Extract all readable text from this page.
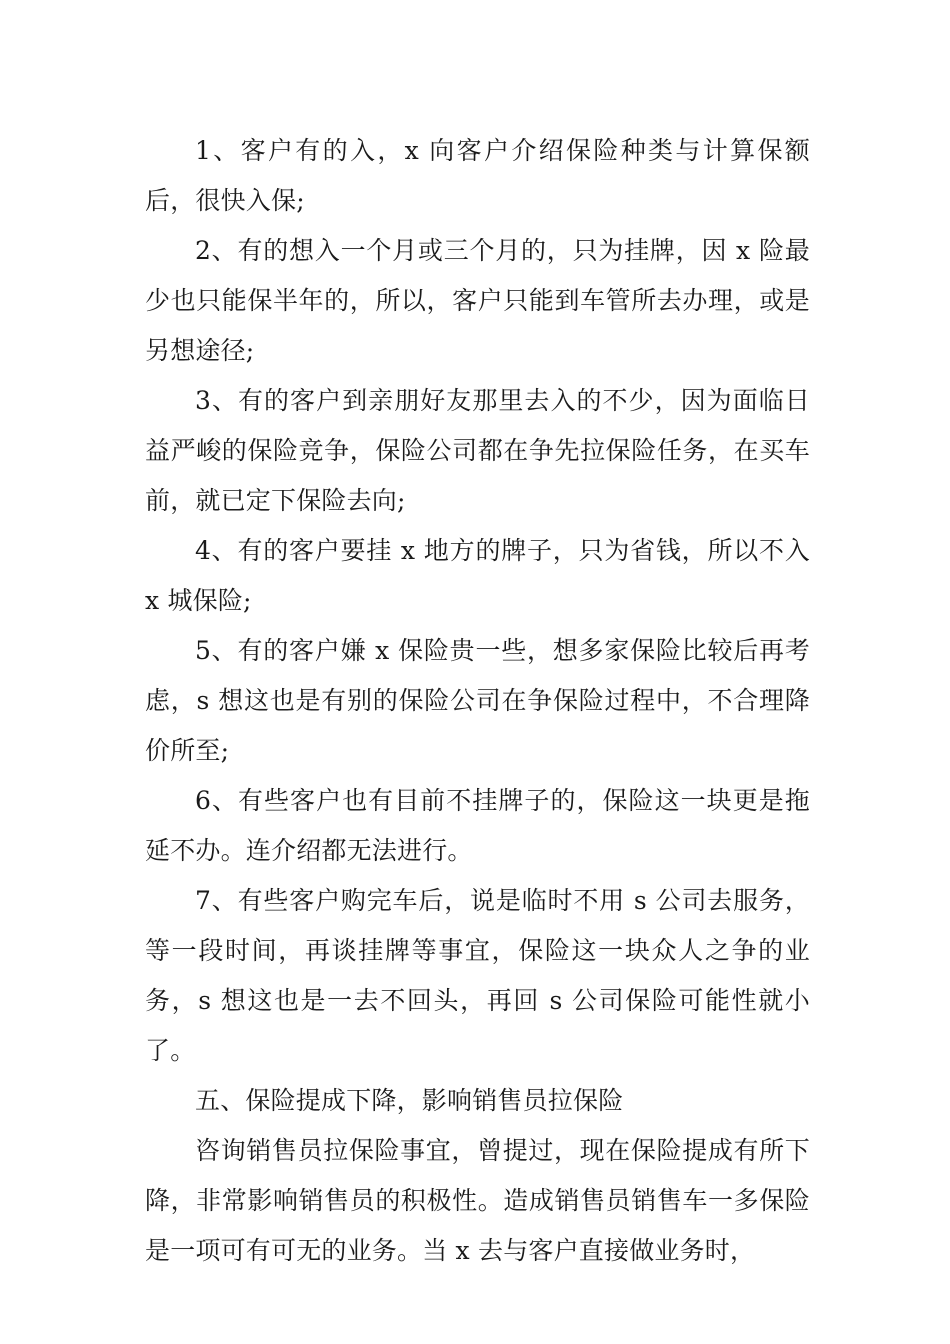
1、客户有的入，x 向客户介绍保险种类与计算保额后，很快入保;

2、有的想入一个月或三个月的，只为挂牌，因 x 险最少也只能保半年的，所以，客户只能到车管所去办理，或是另想途径;

3、有的客户到亲朋好友那里去入的不少，因为面临日益严峻的保险竞争，保险公司都在争先拉保险任务，在买车前，就已定下保险去向;

4、有的客户要挂 x 地方的牌子，只为省钱，所以不入 x 城保险;

5、有的客户嫌 x 保险贵一些，想多家保险比较后再考虑，s 想这也是有别的保险公司在争保险过程中，不合理降价所至;

6、有些客户也有目前不挂牌子的，保险这一块更是拖延不办。连介绍都无法进行。

7、有些客户购完车后，说是临时不用 s 公司去服务，等一段时间，再谈挂牌等事宜，保险这一块众人之争的业务，s 想这也是一去不回头，再回 s 公司保险可能性就小了。

五、保险提成下降，影响销售员拉保险

咨询销售员拉保险事宜，曾提过，现在保险提成有所下降，非常影响销售员的积极性。造成销售员销售车一多保险是一项可有可无的业务。当 x 去与客户直接做业务时，
